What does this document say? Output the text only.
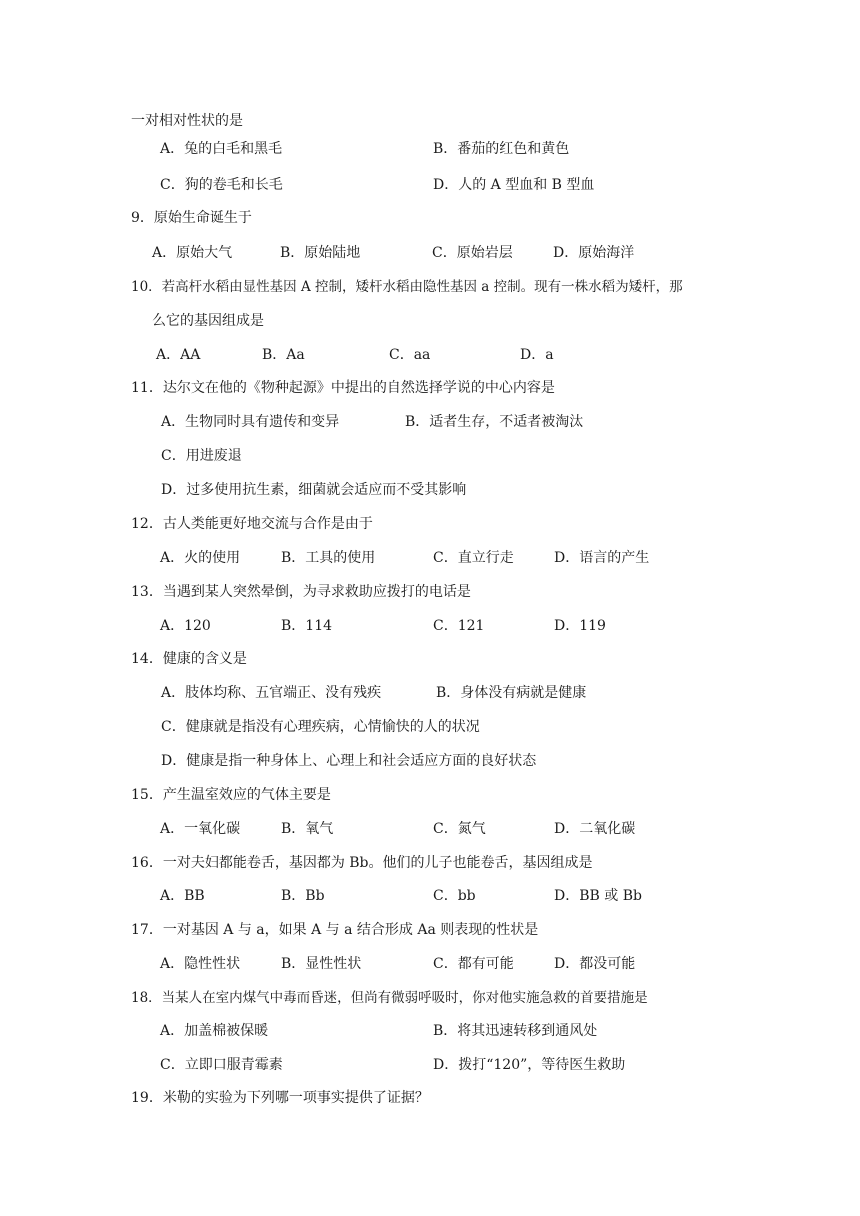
一对相对性状的是
A．兔的白毛和黑毛	B．番茄的红色和黄色
C．狗的卷毛和长毛	D．人的 A 型血和 B 型血
9．原始生命诞生于
A．原始大气	B．原始陆地	C．原始岩层	D．原始海洋
10．若高杆水稻由显性基因 A 控制，矮杆水稻由隐性基因 a 控制。现有一株水稻为矮杆，那
么它的基因组成是
A．AA	B．Aa	C．aa	D．a
11．达尔文在他的《物种起源》中提出的自然选择学说的中心内容是
A．生物同时具有遗传和变异	B．适者生存，不适者被淘汰
C．用进废退
D．过多使用抗生素，细菌就会适应而不受其影响
12．古人类能更好地交流与合作是由于
A．火的使用	B．工具的使用	C．直立行走	D．语言的产生
13．当遇到某人突然晕倒，为寻求救助应拨打的电话是
A．120	B．114	C．121	D．119
14．健康的含义是
A．肢体均称、五官端正、没有残疾	B．身体没有病就是健康
C．健康就是指没有心理疾病，心情愉快的人的状况
D．健康是指一种身体上、心理上和社会适应方面的良好状态
15．产生温室效应的气体主要是
A．一氧化碳	B．氧气	C．氮气	D．二氧化碳
16．一对夫妇都能卷舌，基因都为 Bb。他们的儿子也能卷舌，基因组成是
A．BB	B．Bb	C．bb	D．BB 或 Bb
17．一对基因 A 与 a，如果 A 与 a 结合形成 Aa 则表现的性状是
A．隐性性状	B．显性性状	C．都有可能	D．都没可能
18．当某人在室内煤气中毒而昏迷，但尚有微弱呼吸时，你对他实施急救的首要措施是
A．加盖棉被保暖	B．将其迅速转移到通风处
C．立即口服青霉素	D．拨打“120”，等待医生救助
19．米勒的实验为下列哪一项事实提供了证据？
